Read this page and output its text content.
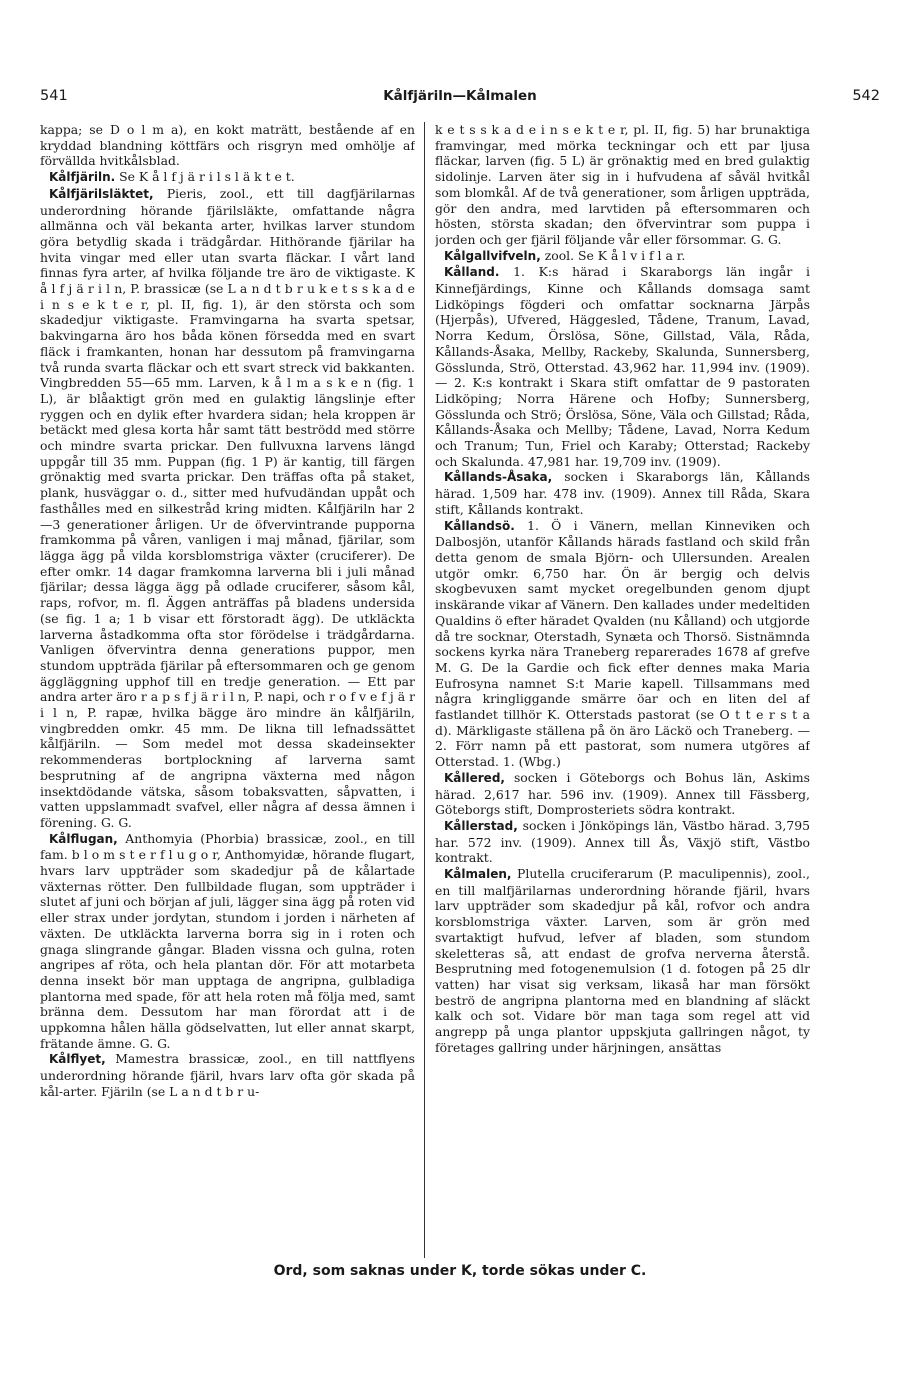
541	Kålfjäriln—Kålmalen	542

kappa; se D o l m a), en kokt maträtt, bestående af en kryddad blandning köttfärs och risgryn med omhölje af förvällda hvitkålsblad.

Kålfjäriln. Se K å l f j ä r i l s l ä k t e t.

Kålfjärilsläktet, Pieris, zool., ett till dagfjärilarnas underordning hörande fjärilsläkte, omfattande några allmänna och väl bekanta arter, hvilkas larver stundom göra betydlig skada i trädgårdar. Hithörande fjärilar ha hvita vingar med eller utan svarta fläckar. I vårt land finnas fyra arter, af hvilka följande tre äro de viktigaste. K å l f j ä r i l n, P. brassicæ (se L a n d t b r u k e t s s k a d e i n s e k t e r, pl. II, fig. 1), är den största och som skadedjur viktigaste. Framvingarna ha svarta spetsar, bakvingarna äro hos båda könen försedda med en svart fläck i framkanten, honan har dessutom på framvingarna två runda svarta fläckar och ett svart streck vid bakkanten. Vingbredden 55—65 mm. Larven, k å l m a s k e n (fig. 1 L), är blåaktigt grön med en gulaktig längslinje efter ryggen och en dylik efter hvardera sidan; hela kroppen är betäckt med glesa korta hår samt tätt beströdd med större och mindre svarta prickar. Den fullvuxna larvens längd uppgår till 35 mm. Puppan (fig. 1 P) är kantig, till färgen grönaktig med svarta prickar. Den träffas ofta på staket, plank, husväggar o. d., sitter med hufvudändan uppåt och fasthålles med en silkestråd kring midten. Kålfjäriln har 2—3 generationer årligen. Ur de öfvervintrande pupporna framkomma på våren, vanligen i maj månad, fjärilar, som lägga ägg på vilda korsblomstriga växter (cruciferer). De efter omkr. 14 dagar framkomna larverna bli i juli månad fjärilar; dessa lägga ägg på odlade cruciferer, såsom kål, raps, rofvor, m. fl. Äggen anträffas på bladens undersida (se fig. 1 a; 1 b visar ett förstoradt ägg). De utkläckta larverna åstadkomma ofta stor förödelse i trädgårdarna. Vanligen öfvervintra denna generations puppor, men stundom uppträda fjärilar på eftersommaren och ge genom äggläggning upphof till en tredje generation. — Ett par andra arter äro r a p s f j ä r i l n, P. napi, och r o f v e f j ä r i l n, P. rapæ, hvilka bägge äro mindre än kålfjäriln, vingbredden omkr. 45 mm. De likna till lefnadssättet kålfjäriln. — Som medel mot dessa skadeinsekter rekommenderas bortplockning af larverna samt besprutning af de angripna växterna med någon insektdödande vätska, såsom tobaksvatten, såpvatten, i vatten uppslammadt svafvel, eller några af dessa ämnen i förening. G. G.

Kålflugan, Anthomyia (Phorbia) brassicæ, zool., en till fam. b l o m s t e r f l u g o r, Anthomyidæ, hörande flugart, hvars larv uppträder som skadedjur på de kålartade växternas rötter. Den fullbildade flugan, som uppträder i slutet af juni och början af juli, lägger sina ägg på roten vid eller strax under jordytan, stundom i jorden i närheten af växten. De utkläckta larverna borra sig in i roten och gnaga slingrande gångar. Bladen vissna och gulna, roten angripes af röta, och hela plantan dör. För att motarbeta denna insekt bör man upptaga de angripna, gulbladiga plantorna med spade, för att hela roten må följa med, samt bränna dem. Dessutom har man förordat att i de uppkomna hålen hälla gödselvatten, lut eller annat skarpt, frätande ämne. G. G.

Kålflyet, Mamestra brassicæ, zool., en till nattflyens underordning hörande fjäril, hvars larv ofta gör skada på kål-arter. Fjäriln (se L a n d t b r u-

k e t s s k a d e i n s e k t e r, pl. II, fig. 5) har brunaktiga framvingar, med mörka teckningar och ett par ljusa fläckar, larven (fig. 5 L) är grönaktig med en bred gulaktig sidolinje. Larven äter sig in i hufvudena af såväl hvitkål som blomkål. Af de två generationer, som årligen uppträda, gör den andra, med larvtiden på eftersommaren och hösten, största skadan; den öfvervintrar som puppa i jorden och ger fjäril följande vår eller försommar. G. G.

Kålgallvifveln, zool. Se K å l v i f l a r.

Kålland. 1. K:s härad i Skaraborgs län ingår i Kinnefjärdings, Kinne och Kållands domsaga samt Lidköpings fögderi och omfattar socknarna Järpås (Hjerpås), Ufvered, Häggesled, Tådene, Tranum, Lavad, Norra Kedum, Örslösa, Söne, Gillstad, Väla, Råda, Kållands-Åsaka, Mellby, Rackeby, Skalunda, Sunnersberg, Gösslunda, Strö, Otterstad. 43,962 har. 11,994 inv. (1909). — 2. K:s kontrakt i Skara stift omfattar de 9 pastoraten Lidköping; Norra Härene och Hofby; Sunnersberg, Gösslunda och Strö; Örslösa, Söne, Väla och Gillstad; Råda, Kållands-Åsaka och Mellby; Tådene, Lavad, Norra Kedum och Tranum; Tun, Friel och Karaby; Otterstad; Rackeby och Skalunda. 47,981 har. 19,709 inv. (1909).

Kållands-Åsaka, socken i Skaraborgs län, Kållands härad. 1,509 har. 478 inv. (1909). Annex till Råda, Skara stift, Kållands kontrakt.

Kållandsö. 1. Ö i Vänern, mellan Kinneviken och Dalbosjön, utanför Kållands härads fastland och skild från detta genom de smala Björn- och Ullersunden. Arealen utgör omkr. 6,750 har. Ön är bergig och delvis skogbevuxen samt mycket oregelbunden genom djupt inskärande vikar af Vänern. Den kallades under medeltiden Qualdins ö efter häradet Qvalden (nu Kålland) och utgjorde då tre socknar, Oterstadh, Synæta och Thorsö. Sistnämnda sockens kyrka nära Traneberg reparerades 1678 af grefve M. G. De la Gardie och fick efter dennes maka Maria Eufrosyna namnet S:t Marie kapell. Tillsammans med några kringliggande smärre öar och en liten del af fastlandet tillhör K. Otterstads pastorat (se O t t e r s t a d). Märkligaste ställena på ön äro Läckö och Traneberg. — 2. Förr namn på ett pastorat, som numera utgöres af Otterstad. 1. (Wbg.)

Kållered, socken i Göteborgs och Bohus län, Askims härad. 2,617 har. 596 inv. (1909). Annex till Fässberg, Göteborgs stift, Domprosteriets södra kontrakt.

Kållerstad, socken i Jönköpings län, Västbo härad. 3,795 har. 572 inv. (1909). Annex till Ås, Växjö stift, Västbo kontrakt.

Kålmalen, Plutella cruciferarum (P. maculipennis), zool., en till malfjärilarnas underordning hörande fjäril, hvars larv uppträder som skadedjur på kål, rofvor och andra korsblomstriga växter. Larven, som är grön med svartaktigt hufvud, lefver af bladen, som stundom skeletteras så, att endast de grofva nerverna återstå. Besprutning med fotogenemulsion (1 d. fotogen på 25 dlr vatten) har visat sig verksam, likaså har man försökt beströ de angripna plantorna med en blandning af släckt kalk och sot. Vidare bör man taga som regel att vid angrepp på unga plantor uppskjuta gallringen något, ty företages gallring under härjningen, ansättas

Ord, som saknas under K, torde sökas under C.
